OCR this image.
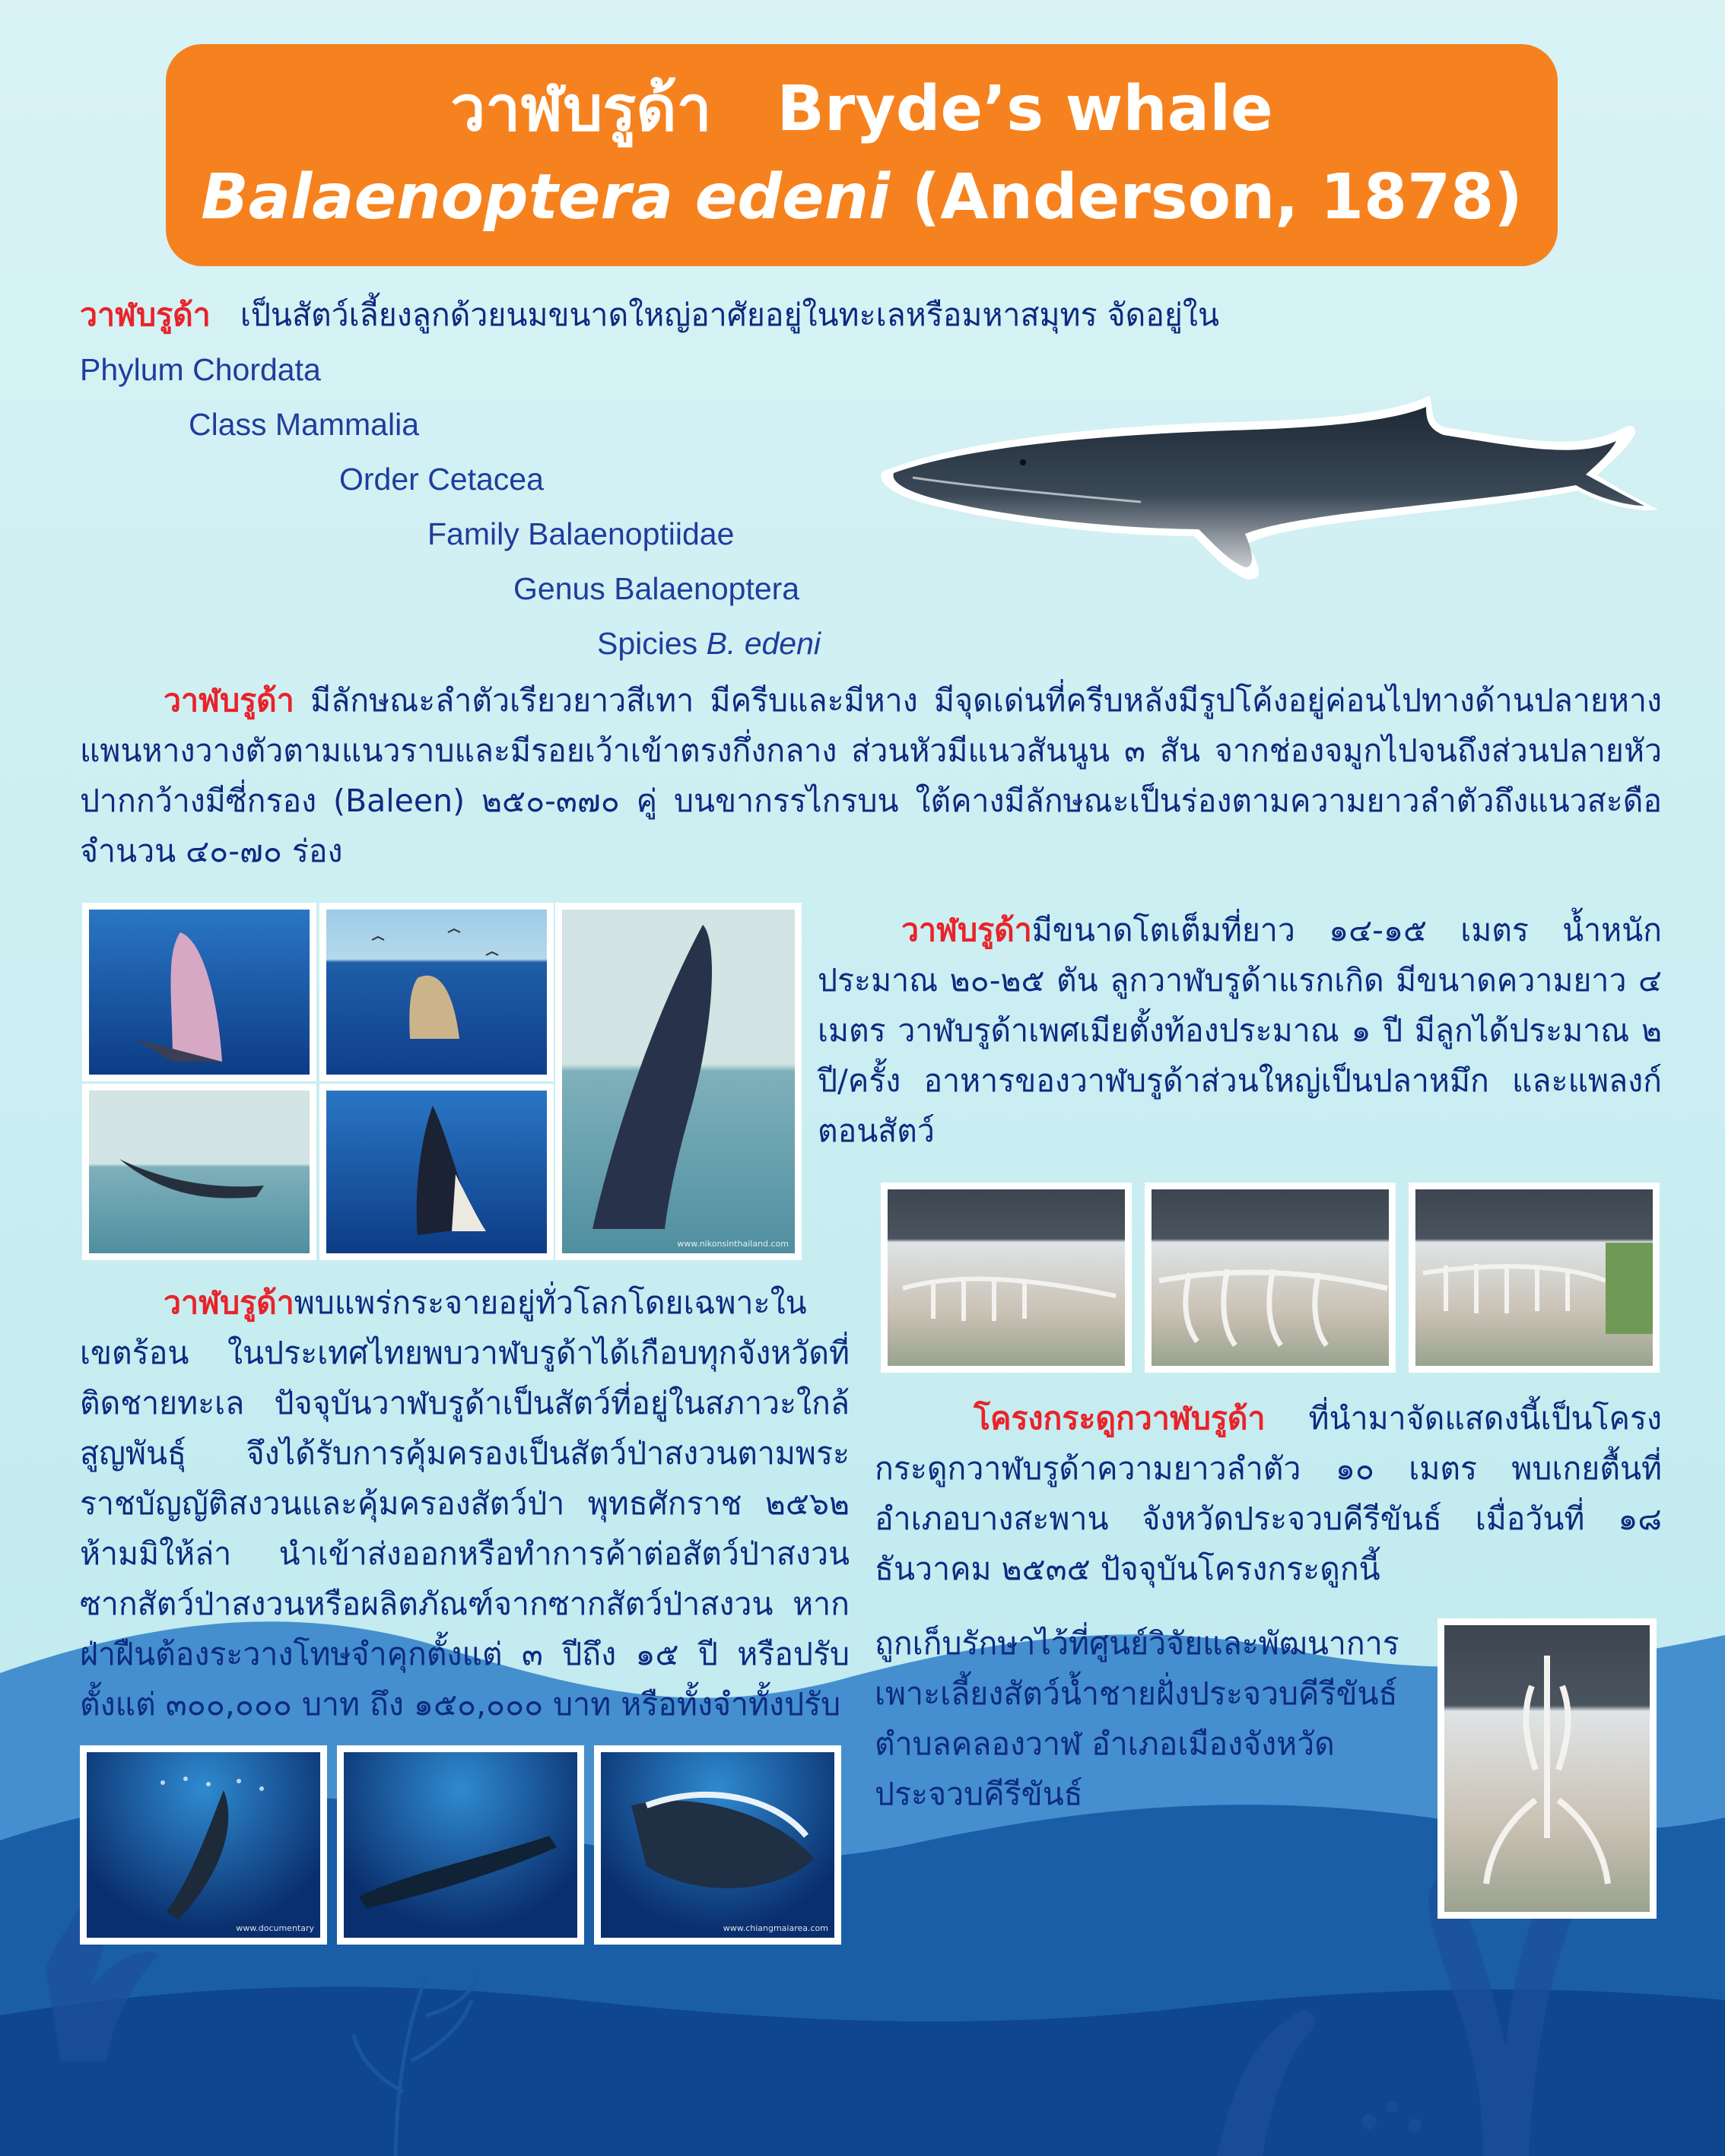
วาฬบรูด้า Bryde’s whale
Balaenoptera edeni (Anderson, 1878)
วาฬบรูด้า เป็นสัตว์เลี้ยงลูกด้วยนมขนาดใหญ่อาศัยอยู่ในทะเลหรือมหาสมุทร จัดอยู่ใน
Phylum Chordata
Class Mammalia
Order Cetacea
Family Balaenoptiidae
Genus Balaenoptera
Spicies B. edeni
วาฬบรูด้า มีลักษณะลำตัวเรียวยาวสีเทา มีครีบและมีหาง มีจุดเด่นที่ครีบหลังมีรูปโค้งอยู่ค่อนไปทางด้านปลายหาง แพนหางวางตัวตามแนวราบและมีรอยเว้าเข้าตรงกึ่งกลาง ส่วนหัวมีแนวสันนูน ๓ สัน จากช่องจมูกไปจนถึงส่วนปลายหัว ปากกว้างมีซี่กรอง (Baleen) ๒๕๐-๓๗๐ คู่ บนขากรรไกรบน ใต้คางมีลักษณะเป็นร่องตามความยาวลำตัวถึงแนวสะดือจำนวน ๔๐-๗๐ ร่อง
www.nikonsinthailand.com
วาฬบรูด้ามีขนาดโตเต็มที่ยาว ๑๔-๑๕ เมตร น้ำหนักประมาณ ๒๐-๒๕ ตัน ลูกวาฬบรูด้าแรกเกิด มีขนาดความยาว ๔ เมตร วาฬบรูด้าเพศเมียตั้งท้องประมาณ ๑ ปี มีลูกได้ประมาณ ๒ ปี/ครั้ง อาหารของวาฬบรูด้าส่วนใหญ่เป็นปลาหมึก และแพลงก์ตอนสัตว์
วาฬบรูด้าพบแพร่กระจายอยู่ทั่วโลกโดยเฉพาะในเขตร้อน ในประเทศไทยพบวาฬบรูด้าได้เกือบทุกจังหวัดที่ติดชายทะเล ปัจจุบันวาฬบรูด้าเป็นสัตว์ที่อยู่ในสภาวะใกล้สูญพันธุ์ จึงได้รับการคุ้มครองเป็นสัตว์ป่าสงวนตามพระราชบัญญัติสงวนและคุ้มครองสัตว์ป่า พุทธศักราช ๒๕๖๒ ห้ามมิให้ล่า นำเข้าส่งออกหรือทำการค้าต่อสัตว์ป่าสงวน ซากสัตว์ป่าสงวนหรือผลิตภัณฑ์จากซากสัตว์ป่าสงวน หากฝ่าฝืนต้องระวางโทษจำคุกตั้งแต่ ๓ ปีถึง ๑๕ ปี หรือปรับตั้งแต่ ๓๐๐,๐๐๐ บาท ถึง ๑๕๐,๐๐๐ บาท หรือทั้งจำทั้งปรับ
โครงกระดูกวาฬบรูด้า ที่นำมาจัดแสดงนี้เป็นโครงกระดูกวาฬบรูด้าความยาวลำตัว ๑๐ เมตร พบเกยตื้นที่อำเภอบางสะพาน จังหวัดประจวบคีรีขันธ์ เมื่อวันที่ ๑๘ ธันวาคม ๒๕๓๕ ปัจจุบันโครงกระดูกนี้
ถูกเก็บรักษาไว้ที่ศูนย์วิจัยและพัฒนาการเพาะเลี้ยงสัตว์น้ำชายฝั่งประจวบคีรีขันธ์ ตำบลคลองวาฬ อำเภอเมืองจังหวัดประจวบคีรีขันธ์
www.documentary	www.chiangmaiarea.com
